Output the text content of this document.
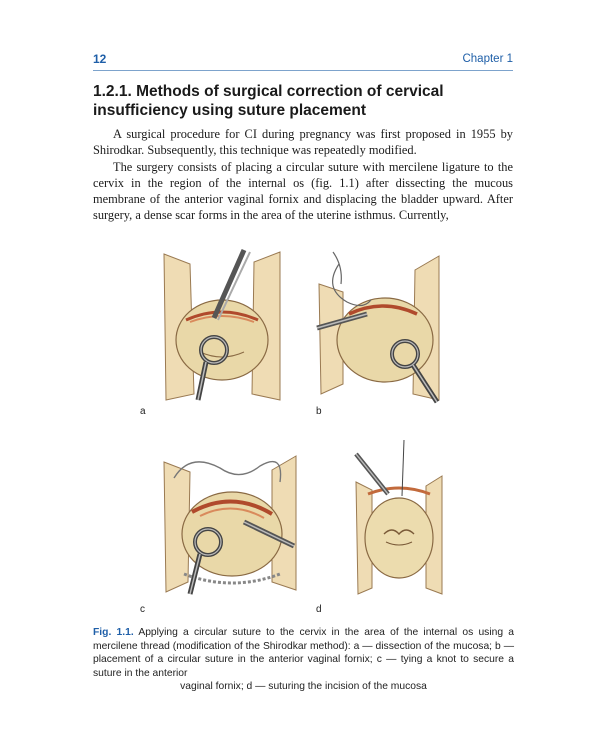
12	Chapter 1
1.2.1. Methods of surgical correction of cervical insufficiency using suture placement

A surgical procedure for CI during pregnancy was first proposed in 1955 by Shirodkar. Subsequently, this technique was repeatedly modified.

The surgery consists of placing a circular suture with mercilene ligature to the cervix in the region of the internal os (fig. 1.1) after dissecting the mucous membrane of the anterior vaginal fornix and displacing the bladder upward. After surgery, a dense scar forms in the area of the uterine isthmus. Currently,

a	b
c	d
Fig. 1.1. Applying a circular suture to the cervix in the area of the internal os using a mercilene thread (modification of the Shirodkar method): a — dissection of the mucosa; b — placement of a circular suture in the anterior vaginal fornix; c — tying a knot to secure a suture in the anterior
vaginal fornix; d — suturing the incision of the mucosa
